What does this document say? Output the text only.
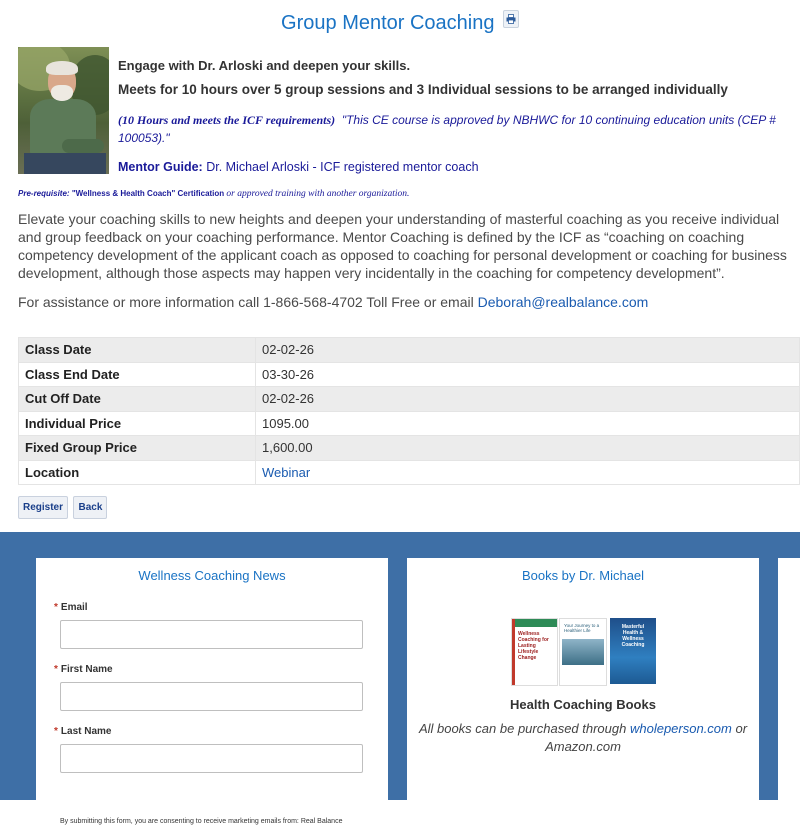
Group Mentor Coaching
Engage with Dr. Arloski and deepen your skills.
Meets for 10 hours over 5 group sessions and 3 Individual sessions to be arranged individually
(10 Hours and meets the ICF requirements) "This CE course is approved by NBHWC for 10 continuing education units (CEP # 100053)."
Mentor Guide: Dr. Michael Arloski - ICF registered mentor coach
Pre-requisite: "Wellness & Health Coach" Certification or approved training with another organization.
Elevate your coaching skills to new heights and deepen your understanding of masterful coaching as you receive individual and group feedback on your coaching performance. Mentor Coaching is defined by the ICF as “coaching on coaching competency development of the applicant coach as opposed to coaching for personal development or coaching for business development, although those aspects may happen very incidentally in the coaching for competency development”.
For assistance or more information call 1-866-568-4702 Toll Free or email Deborah@realbalance.com
Class Date	02-02-26
Class End Date	03-30-26
Cut Off Date	02-02-26
Individual Price	1095.00
Fixed Group Price	1,600.00
Location	Webinar
Register Back
Wellness Coaching News
* Email
* First Name
* Last Name
By submitting this form, you are consenting to receive marketing emails from: Real Balance
Books by Dr. Michael
Wellness Coaching for Lasting Lifestyle Change
Your Journey to a Healthier Life
Masterful Health & Wellness Coaching
Health Coaching Books
All books can be purchased through wholeperson.com or Amazon.com
